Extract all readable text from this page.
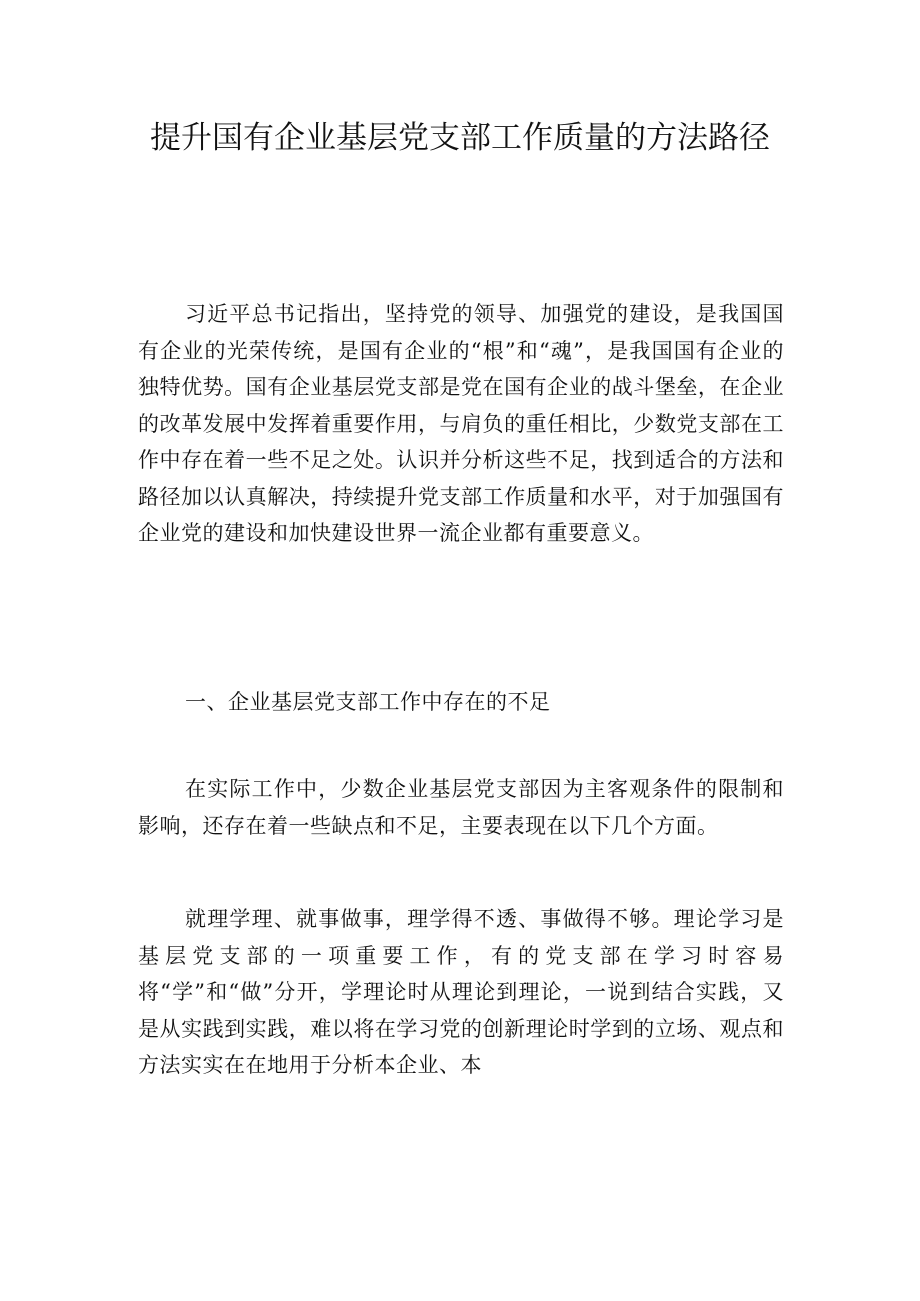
提升国有企业基层党支部工作质量的方法路径
习近平总书记指出，坚持党的领导、加强党的建设，是我国国有企业的光荣传统，是国有企业的“根”和“魂”，是我国国有企业的独特优势。国有企业基层党支部是党在国有企业的战斗堡垒，在企业的改革发展中发挥着重要作用，与肩负的重任相比，少数党支部在工作中存在着一些不足之处。认识并分析这些不足，找到适合的方法和路径加以认真解决，持续提升党支部工作质量和水平，对于加强国有企业党的建设和加快建设世界一流企业都有重要意义。
一、企业基层党支部工作中存在的不足
在实际工作中，少数企业基层党支部因为主客观条件的限制和影响，还存在着一些缺点和不足，主要表现在以下几个方面。
就理学理、就事做事，理学得不透、事做得不够。理论学习是基层党支部的一项重要工作，有的党支部在学习时容易将“学”和“做”分开，学理论时从理论到理论，一说到结合实践，又是从实践到实践，难以将在学习党的创新理论时学到的立场、观点和方法实实在在地用于分析本企业、本
